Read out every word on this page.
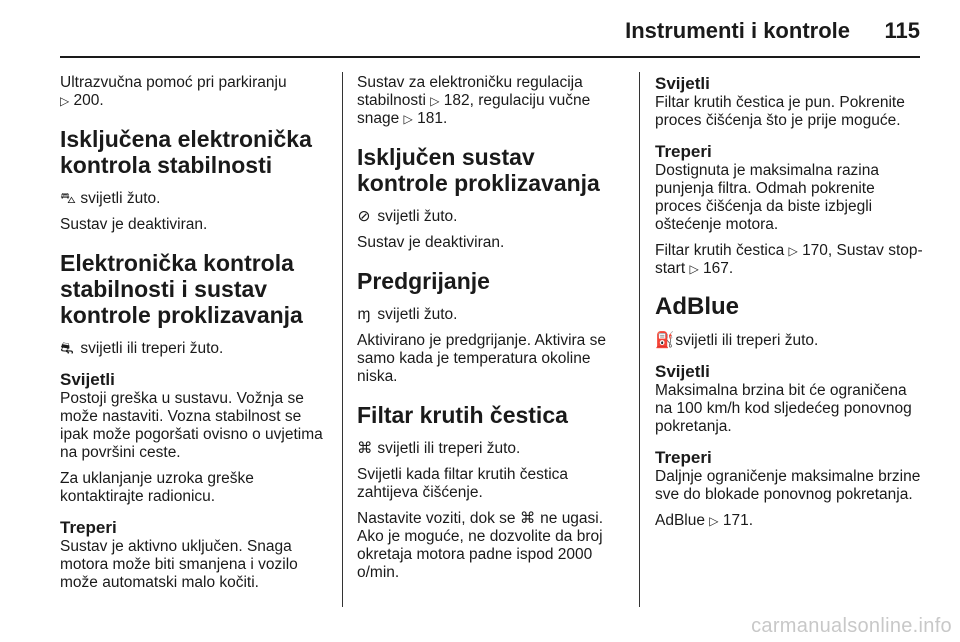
Instrumenti i kontrole 115

Ultrazvučna pomoć pri parkiranju
▷ 200.

Isključena elektronička kontrola stabilnosti

⛍ svijetli žuto.

Sustav je deaktiviran.

Elektronička kontrola stabilnosti i sustav kontrole proklizavanja

⛐ svijetli ili treperi žuto.

Svijetli

Postoji greška u sustavu. Vožnja se može nastaviti. Vozna stabilnost se ipak može pogoršati ovisno o uvjetima na površini ceste.

Za uklanjanje uzroka greške kontaktirajte radionicu.

Treperi

Sustav je aktivno uključen. Snaga motora može biti smanjena i vozilo može automatski malo kočiti.

Sustav za elektroničku regulacija stabilnosti ▷ 182, regulaciju vučne snage ▷ 181.

Isključen sustav kontrole proklizavanja

⊘ svijetli žuto.

Sustav je deaktiviran.

Predgrijanje

ɱ svijetli žuto.

Aktivirano je predgrijanje. Aktivira se samo kada je temperatura okoline niska.

Filtar krutih čestica

⌘ svijetli ili treperi žuto.

Svijetli kada filtar krutih čestica zahtijeva čišćenje.

Nastavite voziti, dok se ⌘ ne ugasi. Ako je moguće, ne dozvolite da broj okretaja motora padne ispod 2000 o/min.

Svijetli

Filtar krutih čestica je pun. Pokrenite proces čišćenja što je prije moguće.

Treperi

Dostignuta je maksimalna razina punjenja filtra. Odmah pokrenite proces čišćenja da biste izbjegli oštećenje motora.

Filtar krutih čestica ▷ 170, Sustav stop-start ▷ 167.

AdBlue

⛽ svijetli ili treperi žuto.

Svijetli

Maksimalna brzina bit će ograničena na 100 km/h kod sljedećeg ponovnog pokretanja.

Treperi

Daljnje ograničenje maksimalne brzine sve do blokade ponovnog pokretanja.

AdBlue ▷ 171.

carmanualsonline.info
